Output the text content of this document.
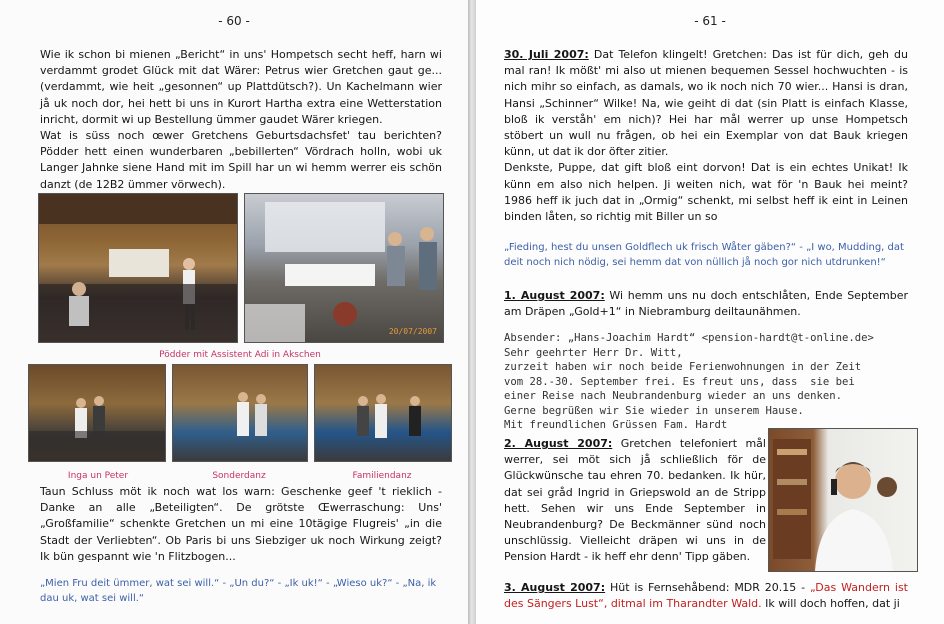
- 60 -

Wie ik schon bi mienen „Bericht“ in uns' Hompetsch secht heff, harn wi verdammt grodet Glück mit dat Wärer: Petrus wier Gretchen gaut ge... (verdammt, wie heit „gesonnen“ up Plattdütsch?). Un Kachelmann wier jå uk noch dor, hei hett bi uns in Kurort Hartha extra eine Wetterstation inricht, dormit wi up Bestellung ümmer gaudet Wärer kriegen.

Wat is süss noch œwer Gretchens Geburtsdachsfet' tau berichten? Pödder hett einen wunderbaren „bebillerten“ Vördrach holln, wobi uk Langer Jahnke siene Hand mit im Spill har un wi hemm werrer eis schön danzt (de 12B2 ümmer vörwech).

20/07/2007
Pödder mit Assistent Adi in Akschen
Inga un Peter	Sonderdanz	Familiendanz
Taun Schluss möt ik noch wat los warn: Geschenke geef 't rieklich - Danke an alle „Beteiligten“. De grötste Œwerraschung: Uns' „Großfamilie“ schenkte Gretchen un mi eine 10tägige Flugreis' „in die Stadt der Verliebten“. Ob Paris bi uns Siebziger uk noch Wirkung zeigt? Ik bün gespannt wie 'n Flitzbogen...
„Mien Fru deit ümmer, wat sei will.“ - „Un du?“ - „Ik uk!“ - „Wieso uk?“ - „Na, ik dau uk, wat sei will.“
- 61 -

30. Juli 2007: Dat Telefon klingelt! Gretchen: Das ist für dich, geh du mal ran! Ik mößt' mi also ut mienen bequemen Sessel hochwuchten - is nich mihr so einfach, as damals, wo ik noch nich 70 wier... Hansi is dran, Hansi „Schinner“ Wilke! Na, wie geiht di dat (sin Platt is einfach Klasse, bloß ik verståh' em nich)? Hei har mål werrer up unse Hompetsch stöbert un wull nu frågen, ob hei ein Exemplar von dat Bauk kriegen künn, ut dat ik dor öfter zitier.

Denkste, Puppe, dat gift bloß eint dorvon! Dat is ein echtes Unikat! Ik künn em also nich helpen. Ji weiten nich, wat för 'n Bauk hei meint? 1986 heff ik juch dat in „Ormig“ schenkt, mi selbst heff ik eint in Leinen binden låten, so richtig mit Biller un so

„Fieding, hest du unsen Goldflech uk frisch Wåter gäben?“ - „I wo, Mudding, dat deit noch nich nödig, sei hemm dat von nüllich jå noch gor nich utdrunken!“
1. August 2007: Wi hemm uns nu doch entschlåten, Ende September am Dräpen „Gold+1“ in Niebramburg deiltaunähmen.
Absender: „Hans-Joachim Hardt“ <pension-hardt@t-online.de>
Sehr geehrter Herr Dr. Witt,
zurzeit haben wir noch beide Ferienwohnungen in der Zeit
vom 28.-30. September frei. Es freut uns, dass  sie bei
einer Reise nach Neubrandenburg wieder an uns denken.
Gerne begrüßen wir Sie wieder in unserem Hause.
Mit freundlichen Grüssen Fam. Hardt
2. August 2007: Gretchen telefoniert mål werrer, sei möt sich jå schließlich för de Glückwünsche tau ehren 70. bedanken. Ik hür, dat sei gråd Ingrid in Griepswold an de Stripp hett. Sehen wir uns Ende September in Neubrandenburg? De Beckmänner sünd noch unschlüssig. Vielleicht dräpen wi uns in de Pension Hardt - ik heff ehr denn' Tipp gäben.
3. August 2007: Hüt is Fernsehåbend: MDR 20.15 - „Das Wandern ist des Sängers Lust“, ditmal im Tharandter Wald. Ik will doch hoffen, dat ji
